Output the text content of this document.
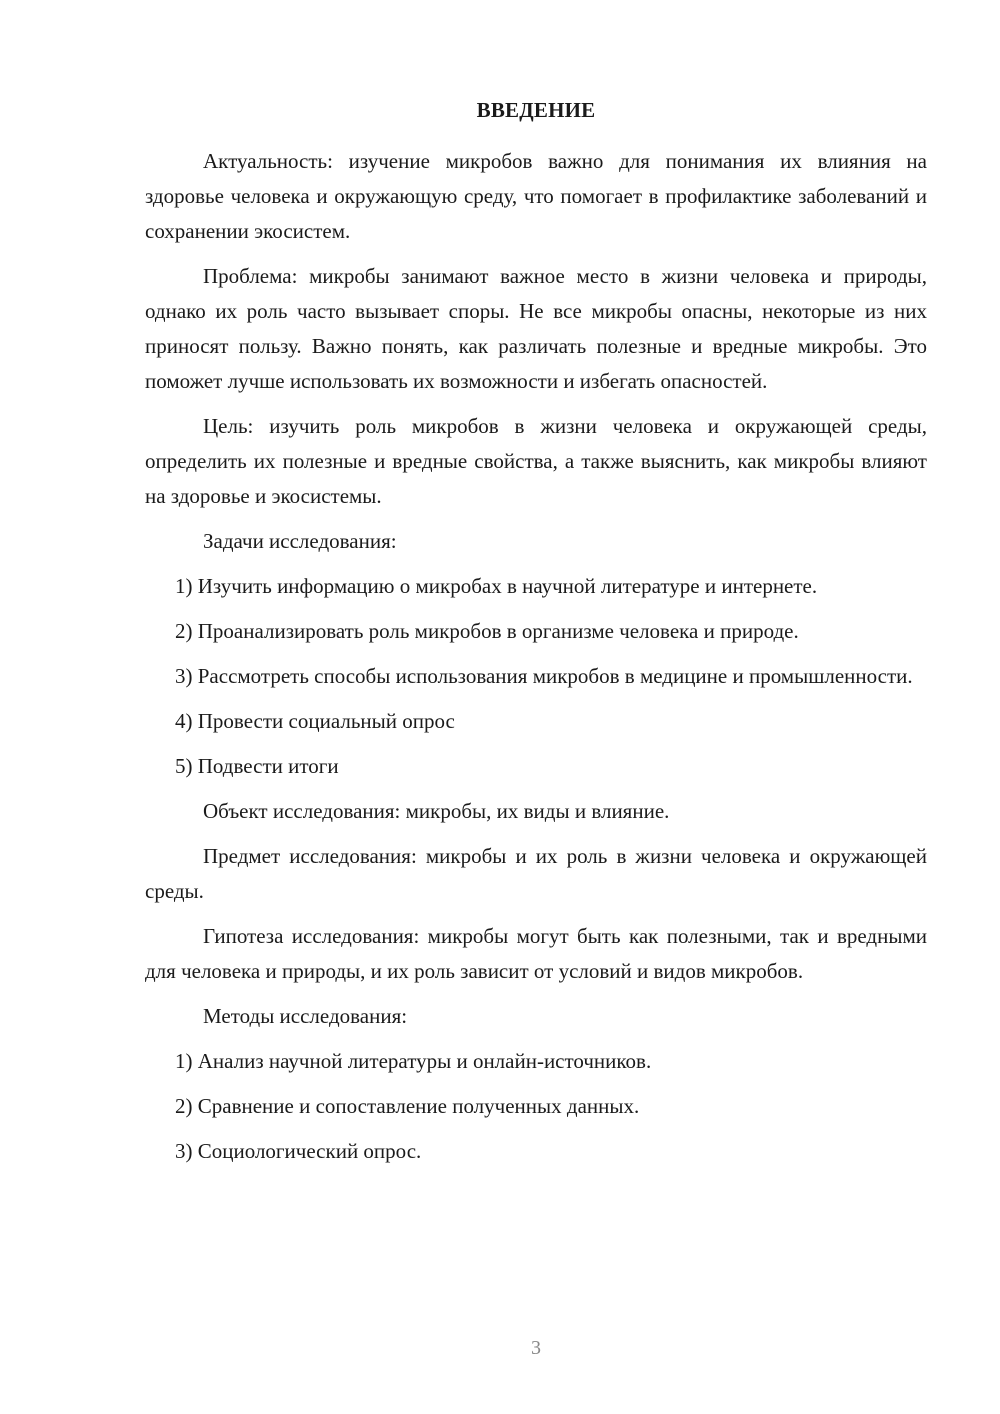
ВВЕДЕНИЕ

Актуальность: изучение микробов важно для понимания их влияния на здоровье человека и окружающую среду, что помогает в профилактике заболеваний и сохранении экосистем.

Проблема: микробы занимают важное место в жизни человека и природы, однако их роль часто вызывает споры. Не все микробы опасны, некоторые из них приносят пользу. Важно понять, как различать полезные и вредные микробы. Это поможет лучше использовать их возможности и избегать опасностей.

Цель: изучить роль микробов в жизни человека и окружающей среды, определить их полезные и вредные свойства, а также выяснить, как микробы влияют на здоровье и экосистемы.

Задачи исследования:

1) Изучить информацию о микробах в научной литературе и интернете.

2) Проанализировать роль микробов в организме человека и природе.

3) Рассмотреть способы использования микробов в медицине и промышленности.

4) Провести социальный опрос

5) Подвести итоги

Объект исследования: микробы, их виды и влияние.

Предмет исследования: микробы и их роль в жизни человека и окружающей среды.

Гипотеза исследования: микробы могут быть как полезными, так и вредными для человека и природы, и их роль зависит от условий и видов микробов.

Методы исследования:

1) Анализ научной литературы и онлайн-источников.

2) Сравнение и сопоставление полученных данных.

3) Социологический опрос.

3
